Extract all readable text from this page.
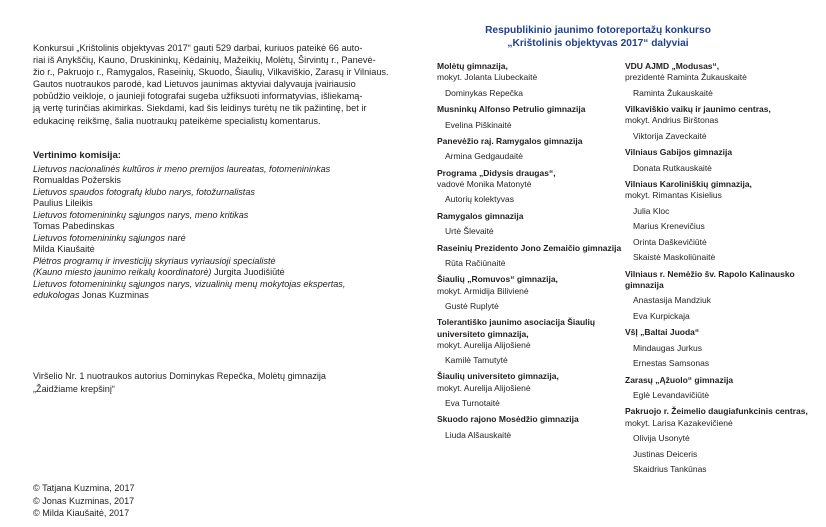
Konkursui „Krištolinis objektyvas 2017“ gauti 529 darbai, kuriuos pateikė 66 auto-

riai iš Anykščių, Kauno, Druskininkų, Kėdainių, Mažeikių, Molėtų, Širvintų r., Panevė-

žio r., Pakruojo r., Ramygalos, Raseinių, Skuodo, Šiaulių, Vilkaviškio, Zarasų ir Vilniaus.

Gautos nuotraukos parodė, kad Lietuvos jaunimas aktyviai dalyvauja įvairiausio

pobūdžio veikloje, o jaunieji fotografai sugeba užfiksuoti informatyvias, išliekamą-

ją vertę turinčias akimirkas. Siekdami, kad šis leidinys turėtų ne tik pažintinę, bet ir

edukacinę reikšmę, šalia nuotraukų pateikėme specialistų komentarus.

Vertinimo komisija:
Lietuvos nacionalinės kultūros ir meno premijos laureatas, fotomenininkas
Romualdas Požerskis
Lietuvos spaudos fotografų klubo narys, fotožurnalistas
Paulius Lileikis
Lietuvos fotomenininkų sąjungos narys, meno kritikas
Tomas Pabedinskas
Lietuvos fotomenininkų sąjungos narė
Milda Kiaušaitė
Plėtros programų ir investicijų skyriaus vyriausioji specialistė
(Kauno miesto jaunimo reikalų koordinatorė) Jurgita Juodišiūtė
Lietuvos fotomenininkų sąjungos narys, vizualinių menų mokytojas ekspertas,
edukologas Jonas Kuzminas
Viršelio Nr. 1 nuotraukos autorius Dominykas Repečka, Molėtų gimnazija
„Žaidžiame krepšinį“
© Tatjana Kuzmina, 2017
© Jonas Kuzminas, 2017
© Milda Kiaušaitė, 2017
Respublikinio jaunimo fotoreportažų konkurso
„Krištolinis objektyvas 2017“ dalyviai
Molėtų gimnazija,
mokyt. Jolanta Liubeckaitė
Dominykas Repečka
Musninkų Alfonso Petrulio gimnazija
Evelina Piškinaitė
Panevėžio raj. Ramygalos gimnazija
Armina Gedgaudaitė
Programa „Didysis draugas“,
vadovė Monika Matonytė
Autorių kolektyvas
Ramygalos gimnazija
Urtė Šlevaitė
Raseinių Prezidento Jono Zemaičio gimnazija
Rūta Račiūnaitė
Šiaulių „Romuvos“ gimnazija,
mokyt. Armidija Bilivienė
Gustė Ruplytė
Tolerantiško jaunimo asociacija Šiaulių universiteto gimnazija,
mokyt. Aurelija Alijošienė
Kamilė Tamutytė
Šiaulių universiteto gimnazija,
mokyt. Aurelija Alijošienė
Eva Turnotaitė
Skuodo rajono Mosėdžio gimnazija
Liuda Alšauskaitė
VDU AJMD „Modusas“,
prezidentė Raminta Žukauskaitė
Raminta Žukauskaitė
Vilkaviškio vaikų ir jaunimo centras,
mokyt. Andrius Birštonas
Viktorija Zaveckaitė
Vilniaus Gabijos gimnazija
Donata Rutkauskaitė
Vilniaus Karoliniškių gimnazija,
mokyt. Rimantas Kisielius
Julia Kloc
Marius Krenevičius
Orinta Daškevičiūtė
Skaistė Maskoliūnaitė
Vilniaus r. Nemėžio šv. Rapolo Kalinausko gimnazija
Anastasija Mandziuk
Eva Kurpickaja
VšĮ „Baltai Juoda“
Mindaugas Jurkus
Ernestas Samsonas
Zarasų „Ąžuolo“ gimnazija
Eglė Levandavičiūtė
Pakruojo r. Žeimelio daugiafunkcinis centras,
mokyt. Larisa Kazakevičienė
Olivija Usonytė
Justinas Deiceris
Skaidrius Tankūnas
